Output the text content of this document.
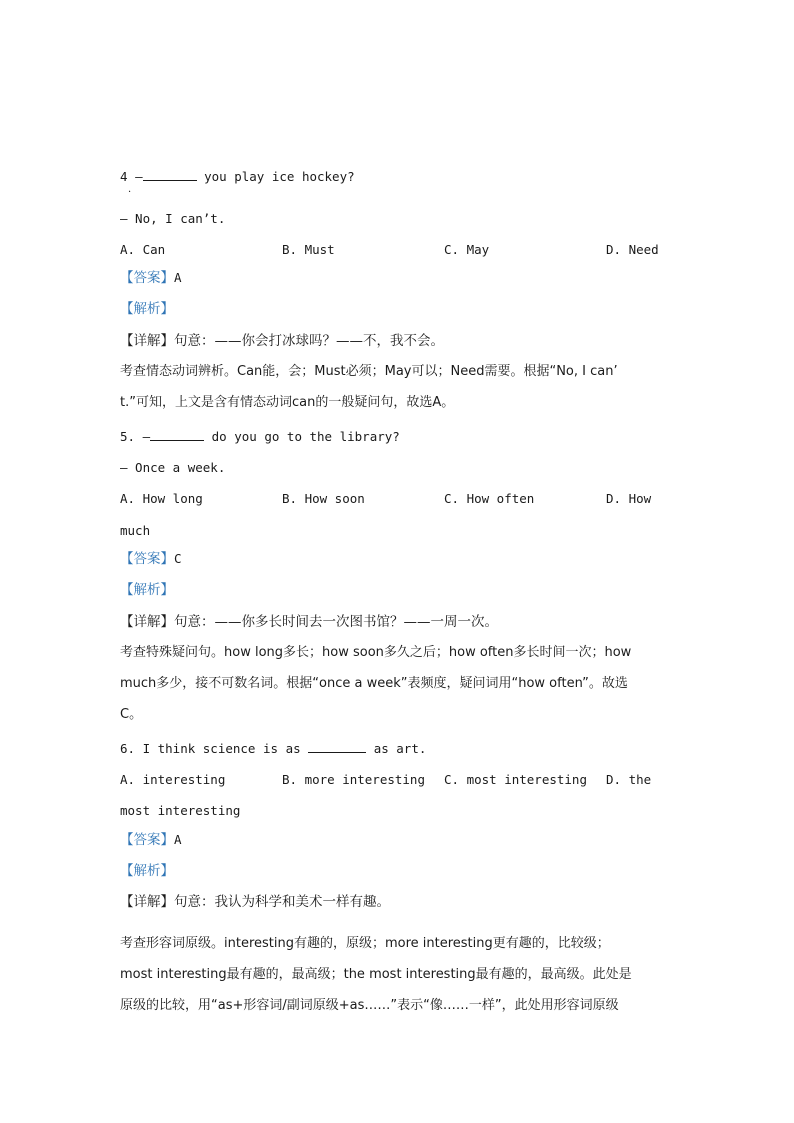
4 —	you play ice hockey?
·
— No, I can’t.
A. Can	B. Must	C. May	D. Need
【答案】A
【解析】
【详解】句意：——你会打冰球吗？——不，我不会。
考查情态动词辨析。Can能，会；Must必须；May可以；Need需要。根据“No, I can’
t.”可知，上文是含有情态动词can的一般疑问句，故选A。
5. —	do you go to the library?
— Once a week.
A. How long	B. How soon	C. How often	D. How
much
【答案】C
【解析】
【详解】句意：——你多长时间去一次图书馆？——一周一次。
考查特殊疑问句。how long多长；how soon多久之后；how often多长时间一次；how
much多少，接不可数名词。根据“once a week”表频度，疑问词用“how often”。故选
C。
6. I think science is as	as art.
A. interesting	B. more interesting C. most interesting D. the
most interesting
【答案】A
【解析】
【详解】句意：我认为科学和美术一样有趣。
考查形容词原级。interesting有趣的，原级；more interesting更有趣的，比较级；
most interesting最有趣的，最高级；the most interesting最有趣的，最高级。此处是
原级的比较，用“as+形容词/副词原级+as……”表示“像……一样”，此处用形容词原级
